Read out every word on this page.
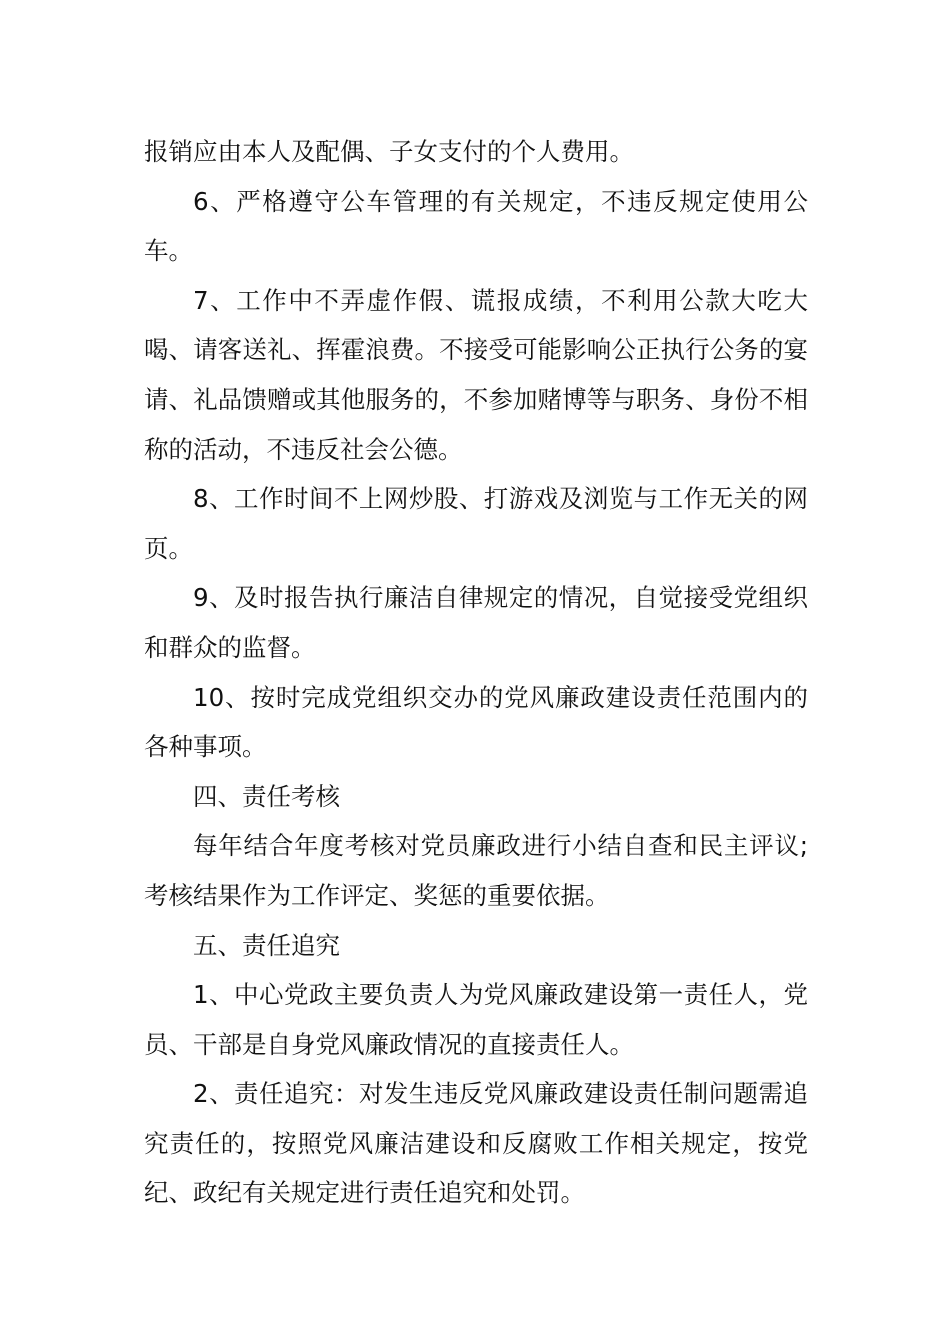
报销应由本人及配偶、子女支付的个人费用。

6、严格遵守公车管理的有关规定，不违反规定使用公车。

7、工作中不弄虚作假、谎报成绩，不利用公款大吃大喝、请客送礼、挥霍浪费。不接受可能影响公正执行公务的宴请、礼品馈赠或其他服务的，不参加赌博等与职务、身份不相称的活动，不违反社会公德。

8、工作时间不上网炒股、打游戏及浏览与工作无关的网页。

9、及时报告执行廉洁自律规定的情况，自觉接受党组织和群众的监督。

10、按时完成党组织交办的党风廉政建设责任范围内的各种事项。

四、责任考核

每年结合年度考核对党员廉政进行小结自查和民主评议;考核结果作为工作评定、奖惩的重要依据。

五、责任追究

1、中心党政主要负责人为党风廉政建设第一责任人，党员、干部是自身党风廉政情况的直接责任人。

2、责任追究：对发生违反党风廉政建设责任制问题需追究责任的，按照党风廉洁建设和反腐败工作相关规定，按党纪、政纪有关规定进行责任追究和处罚。
